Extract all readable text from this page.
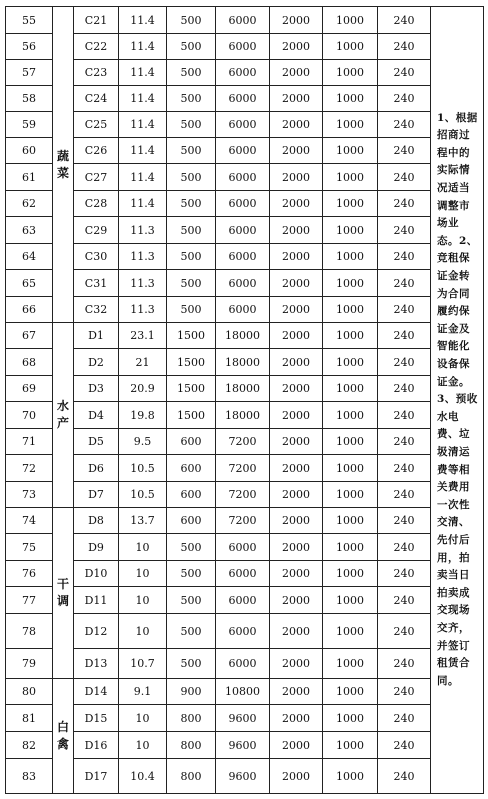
55	蔬菜	C21	11.4	500	6000	2000	1000	240	1、根据招商过程中的实际情况适当调整市场业态。2、竞租保证金转为合同履约保证金及智能化设备保证金。3、预收水电费、垃圾清运费等相关费用一次性交清、先付后用，拍卖当日拍卖成交现场交齐，并签订租赁合同。
56		C22	11.4	500	6000	2000	1000	240	
57		C23	11.4	500	6000	2000	1000	240	
58		C24	11.4	500	6000	2000	1000	240	
59		C25	11.4	500	6000	2000	1000	240	
60		C26	11.4	500	6000	2000	1000	240	
61		C27	11.4	500	6000	2000	1000	240	
62		C28	11.4	500	6000	2000	1000	240	
63		C29	11.3	500	6000	2000	1000	240	
64		C30	11.3	500	6000	2000	1000	240	
65		C31	11.3	500	6000	2000	1000	240	
66		C32	11.3	500	6000	2000	1000	240	
67	水产	D1	23.1	1500	18000	2000	1000	240	
68		D2	21	1500	18000	2000	1000	240	
69		D3	20.9	1500	18000	2000	1000	240	
70		D4	19.8	1500	18000	2000	1000	240	
71		D5	9.5	600	7200	2000	1000	240	
72		D6	10.5	600	7200	2000	1000	240	
73		D7	10.5	600	7200	2000	1000	240	
74	干调	D8	13.7	600	7200	2000	1000	240	
75		D9	10	500	6000	2000	1000	240	
76		D10	10	500	6000	2000	1000	240	
77		D11	10	500	6000	2000	1000	240	
78		D12	10	500	6000	2000	1000	240	
79		D13	10.7	500	6000	2000	1000	240	
80	白禽	D14	9.1	900	10800	2000	1000	240	
81		D15	10	800	9600	2000	1000	240	
82		D16	10	800	9600	2000	1000	240	
83		D17	10.4	800	9600	2000	1000	240	
